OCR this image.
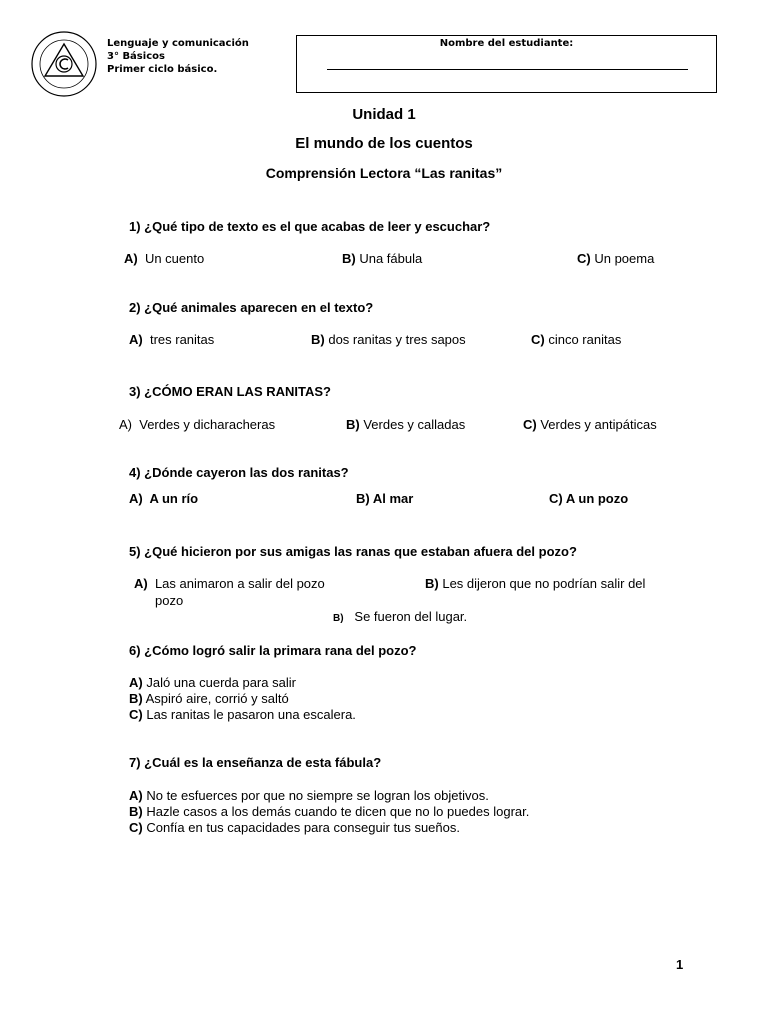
Lenguaje y comunicación
3° Básicos
Primer ciclo básico.
Nombre del estudiante:
Unidad 1
El mundo de los cuentos
Comprensión Lectora “Las ranitas”
1) ¿Qué tipo de texto es el que acabas de leer y escuchar?
A) Un cuento	B) Una fábula	C) Un poema
2) ¿Qué animales aparecen en el texto?
A) tres ranitas	B) dos ranitas y tres sapos	C) cinco ranitas
3) ¿CÓMO ERAN LAS RANITAS?
A) Verdes y dicharacheras	B) Verdes y calladas	C) Verdes y antipáticas
4) ¿Dónde cayeron las dos ranitas?
A) A un río	B) Al mar	C) A un pozo
5) ¿Qué hicieron por sus amigas las ranas que estaban afuera del pozo?
A) Las animaron a salir del pozo	B) Les dijeron que no podrían salir del
pozo
B) Se fueron del lugar.
6) ¿Cómo logró salir la primara rana del pozo?
A) Jaló una cuerda para salir
B) Aspiró aire, corrió y saltó
C) Las ranitas le pasaron una escalera.
7) ¿Cuál es la enseñanza de esta fábula?
A) No te esfuerces por que no siempre se logran los objetivos.
B) Hazle casos a los demás cuando te dicen que no lo puedes lograr.
C) Confía en tus capacidades para conseguir tus sueños.
1
